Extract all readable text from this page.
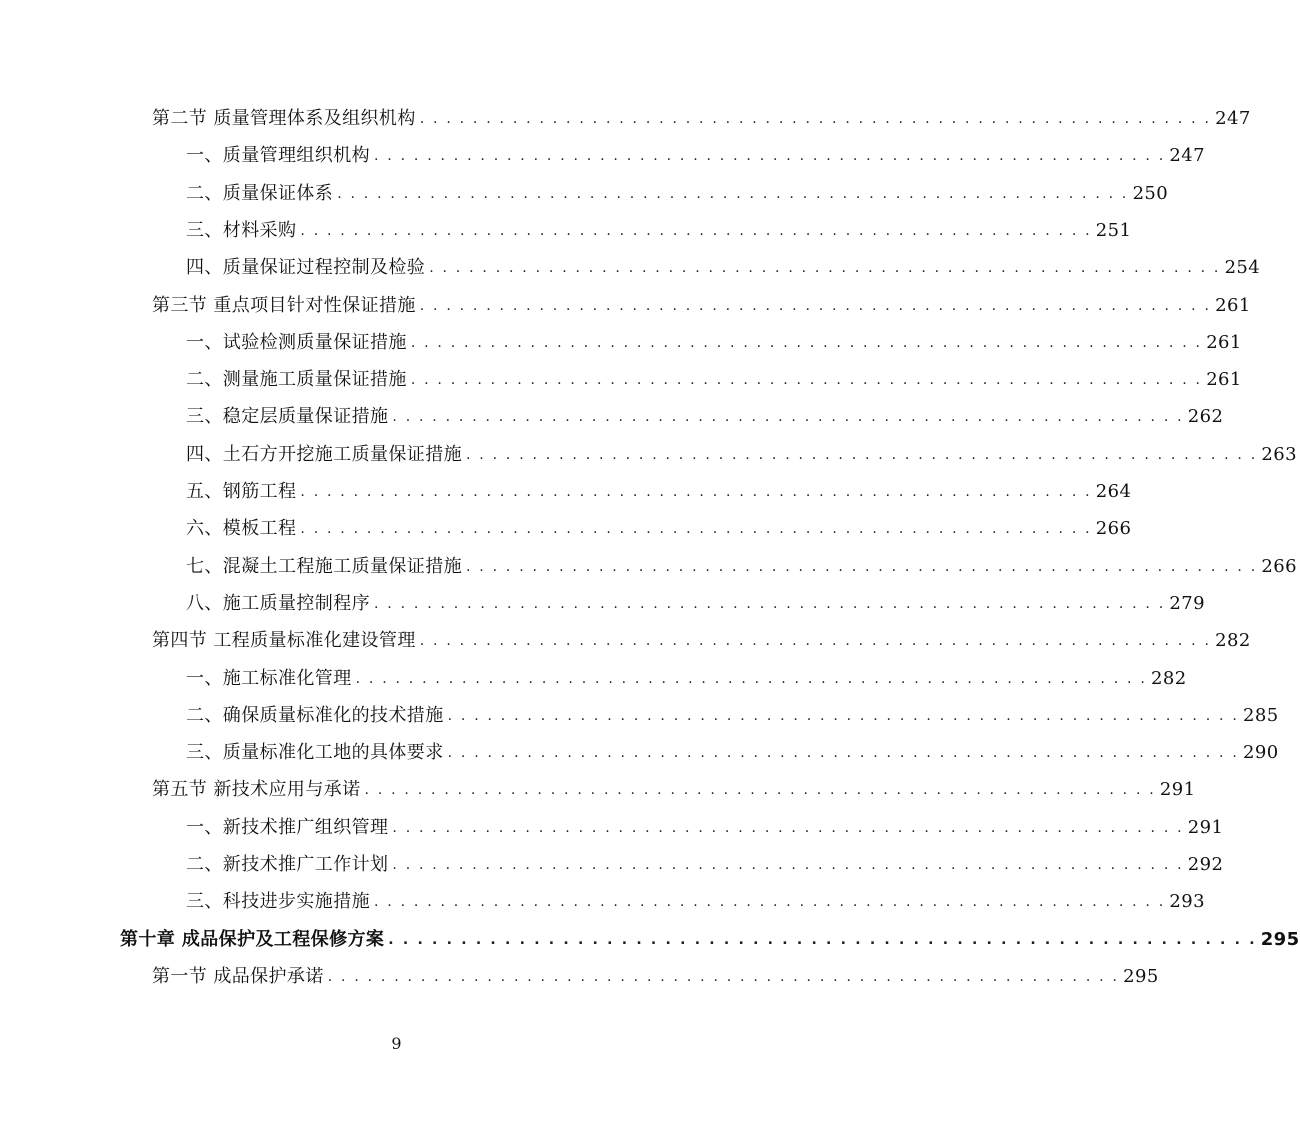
第二节 质量管理体系及组织机构 . . . . . . . . . . . . . . . . . . . . . . . . . . . . . . . . . . . . . . . . . . . . . . . . . . . . . . . . . . . . 247
一、质量管理组织机构 . . . . . . . . . . . . . . . . . . . . . . . . . . . . . . . . . . . . . . . . . . . . . . . . . . . . . . . . . . . . 247
二、质量保证体系 . . . . . . . . . . . . . . . . . . . . . . . . . . . . . . . . . . . . . . . . . . . . . . . . . . . . . . . . . . . . 250
三、材料采购 . . . . . . . . . . . . . . . . . . . . . . . . . . . . . . . . . . . . . . . . . . . . . . . . . . . . . . . . . . . . 251
四、质量保证过程控制及检验 . . . . . . . . . . . . . . . . . . . . . . . . . . . . . . . . . . . . . . . . . . . . . . . . . . . . . . . . . . . . 254
第三节 重点项目针对性保证措施 . . . . . . . . . . . . . . . . . . . . . . . . . . . . . . . . . . . . . . . . . . . . . . . . . . . . . . . . . . . . 261
一、试验检测质量保证措施 . . . . . . . . . . . . . . . . . . . . . . . . . . . . . . . . . . . . . . . . . . . . . . . . . . . . . . . . . . . . 261
二、测量施工质量保证措施 . . . . . . . . . . . . . . . . . . . . . . . . . . . . . . . . . . . . . . . . . . . . . . . . . . . . . . . . . . . . 261
三、稳定层质量保证措施 . . . . . . . . . . . . . . . . . . . . . . . . . . . . . . . . . . . . . . . . . . . . . . . . . . . . . . . . . . . . 262
四、土石方开挖施工质量保证措施 . . . . . . . . . . . . . . . . . . . . . . . . . . . . . . . . . . . . . . . . . . . . . . . . . . . . . . . . . . . . 263
五、钢筋工程 . . . . . . . . . . . . . . . . . . . . . . . . . . . . . . . . . . . . . . . . . . . . . . . . . . . . . . . . . . . . 264
六、模板工程 . . . . . . . . . . . . . . . . . . . . . . . . . . . . . . . . . . . . . . . . . . . . . . . . . . . . . . . . . . . . 266
七、混凝土工程施工质量保证措施 . . . . . . . . . . . . . . . . . . . . . . . . . . . . . . . . . . . . . . . . . . . . . . . . . . . . . . . . . . . . 266
八、施工质量控制程序 . . . . . . . . . . . . . . . . . . . . . . . . . . . . . . . . . . . . . . . . . . . . . . . . . . . . . . . . . . . . 279
第四节 工程质量标准化建设管理 . . . . . . . . . . . . . . . . . . . . . . . . . . . . . . . . . . . . . . . . . . . . . . . . . . . . . . . . . . . . 282
一、施工标准化管理 . . . . . . . . . . . . . . . . . . . . . . . . . . . . . . . . . . . . . . . . . . . . . . . . . . . . . . . . . . . . 282
二、确保质量标准化的技术措施 . . . . . . . . . . . . . . . . . . . . . . . . . . . . . . . . . . . . . . . . . . . . . . . . . . . . . . . . . . . . 285
三、质量标准化工地的具体要求 . . . . . . . . . . . . . . . . . . . . . . . . . . . . . . . . . . . . . . . . . . . . . . . . . . . . . . . . . . . . 290
第五节 新技术应用与承诺 . . . . . . . . . . . . . . . . . . . . . . . . . . . . . . . . . . . . . . . . . . . . . . . . . . . . . . . . . . . . 291
一、新技术推广组织管理 . . . . . . . . . . . . . . . . . . . . . . . . . . . . . . . . . . . . . . . . . . . . . . . . . . . . . . . . . . . . 291
二、新技术推广工作计划 . . . . . . . . . . . . . . . . . . . . . . . . . . . . . . . . . . . . . . . . . . . . . . . . . . . . . . . . . . . . 292
三、科技进步实施措施 . . . . . . . . . . . . . . . . . . . . . . . . . . . . . . . . . . . . . . . . . . . . . . . . . . . . . . . . . . . . 293
第十章 成品保护及工程保修方案 . . . . . . . . . . . . . . . . . . . . . . . . . . . . . . . . . . . . . . . . . . . . . . . . . . . . . . . . . . . . 295
第一节 成品保护承诺 . . . . . . . . . . . . . . . . . . . . . . . . . . . . . . . . . . . . . . . . . . . . . . . . . . . . . . . . . . . . 295
9
